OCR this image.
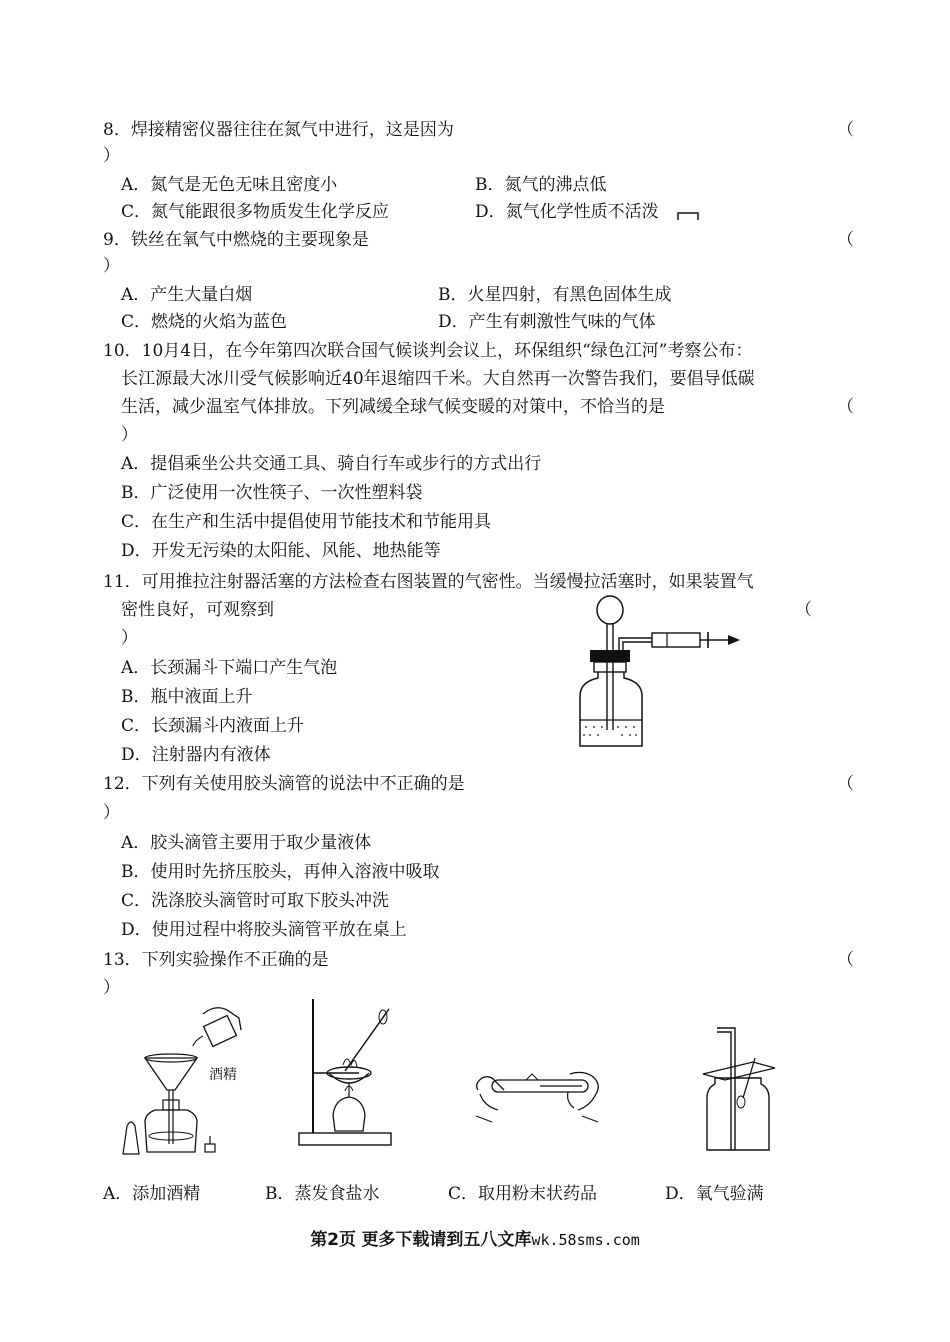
8．焊接精密仪器往往在氮气中进行，这是因为	（
）
A．氮气是无色无味且密度小	B．氮气的沸点低
C．氮气能跟很多物质发生化学反应	D．氮气化学性质不活泼
9．铁丝在氧气中燃烧的主要现象是	（
）
A．产生大量白烟	B．火星四射，有黑色固体生成
C．燃烧的火焰为蓝色	D．产生有刺激性气味的气体
10．10月4日，在今年第四次联合国气候谈判会议上，环保组织“绿色江河”考察公布：
长江源最大冰川受气候影响近40年退缩四千米。大自然再一次警告我们，要倡导低碳
生活，减少温室气体排放。下列减缓全球气候变暖的对策中，不恰当的是	（
）
A．提倡乘坐公共交通工具、骑自行车或步行的方式出行
B．广泛使用一次性筷子、一次性塑料袋
C．在生产和生活中提倡使用节能技术和节能用具
D．开发无污染的太阳能、风能、地热能等
11．可用推拉注射器活塞的方法检查右图装置的气密性。当缓慢拉活塞时，如果装置气
密性良好，可观察到	（
）
A．长颈漏斗下端口产生气泡
B．瓶中液面上升
C．长颈漏斗内液面上升
D．注射器内有液体
12．下列有关使用胶头滴管的说法中不正确的是	（
）
A．胶头滴管主要用于取少量液体
B．使用时先挤压胶头，再伸入溶液中吸取
C．洗涤胶头滴管时可取下胶头冲洗
D．使用过程中将胶头滴管平放在桌上
13．下列实验操作不正确的是	（
）
酒精
A．添加酒精	B．蒸发食盐水	C．取用粉末状药品	D．氧气验满
第2页 更多下载请到五八文库wk.58sms.com
